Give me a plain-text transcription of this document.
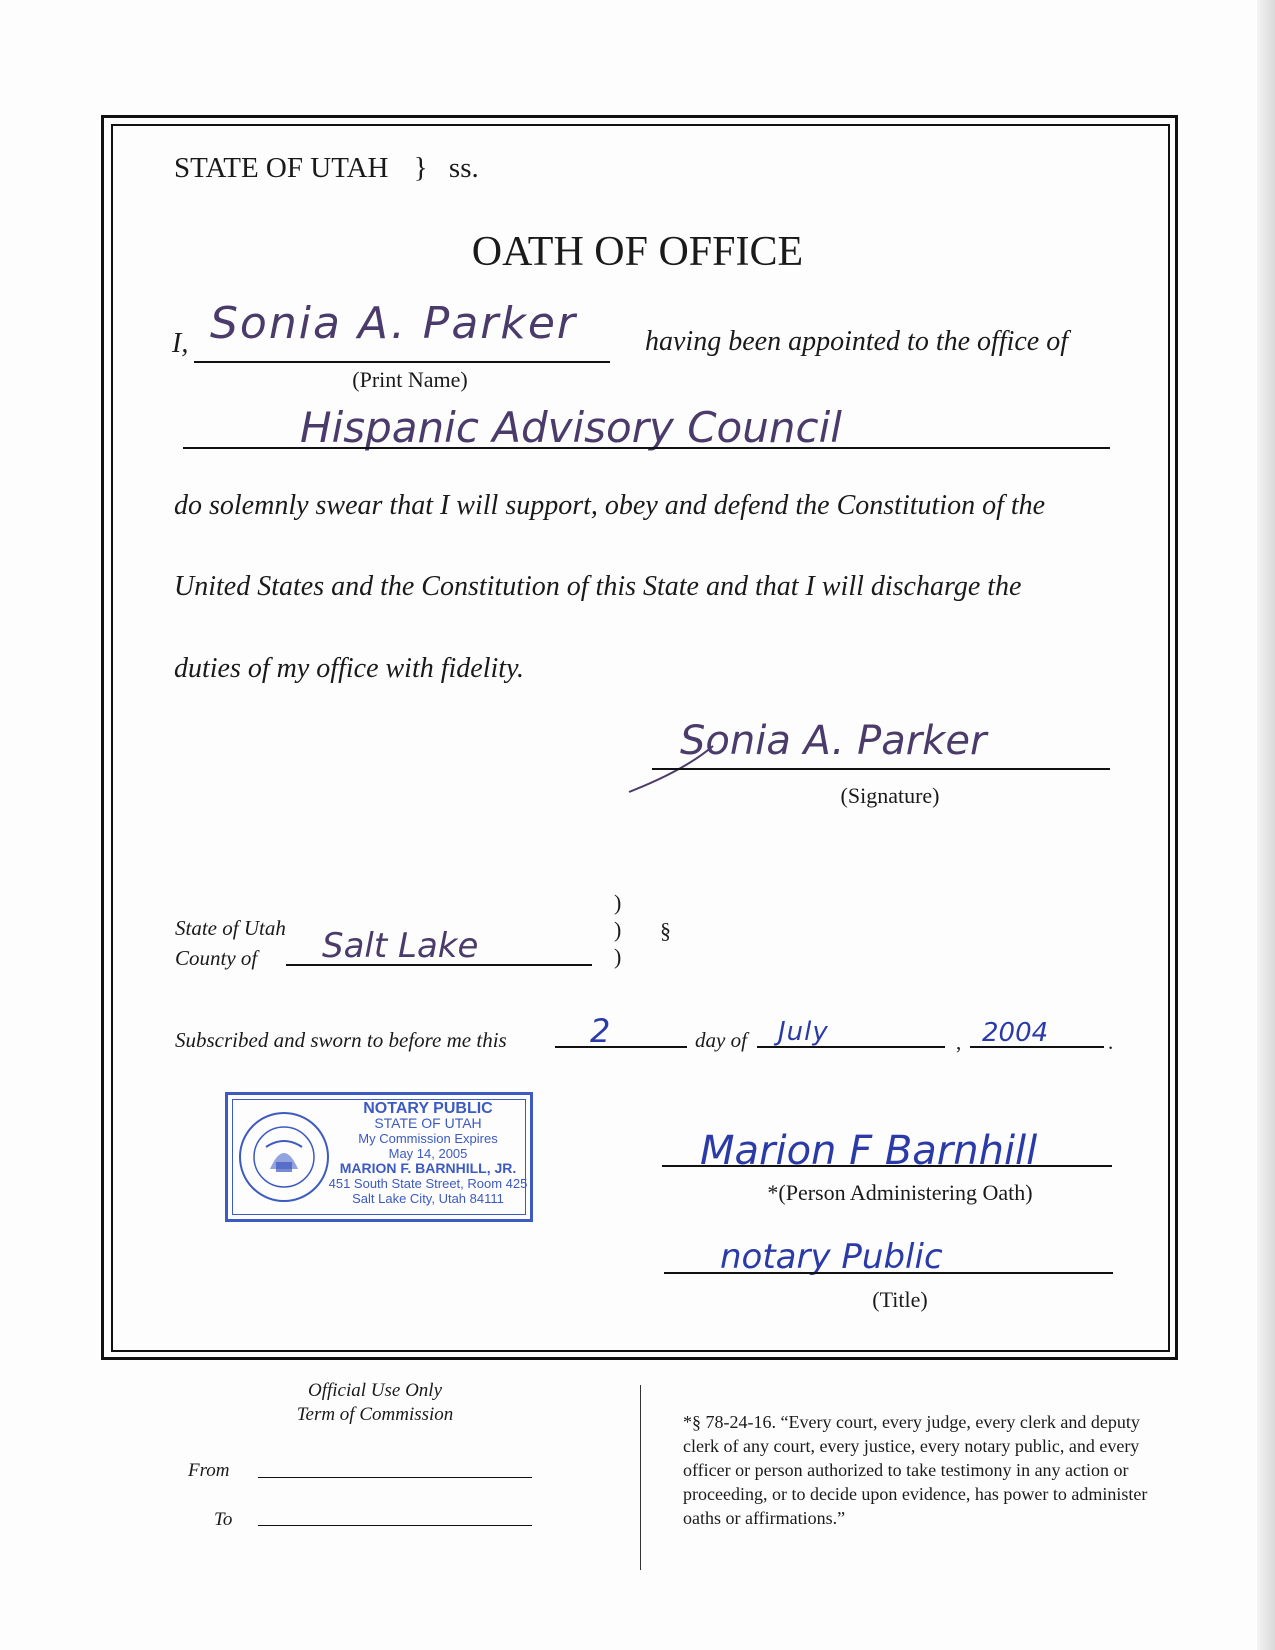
STATE OF UTAH } ss.
OATH OF OFFICE
I, Sonia A. Parker having been appointed to the office of
(Print Name)
Hispanic Advisory Council
do solemnly swear that I will support, obey and defend the Constitution of the
United States and the Constitution of this State and that I will discharge the
duties of my office with fidelity.
Sonia A. Parker
(Signature)
State of Utah
County of Salt Lake
)
)
)
§
Subscribed and sworn to before me this	2	day of July	, 2004	.
NOTARY PUBLIC
STATE OF UTAH
My Commission Expires
May 14, 2005
MARION F. BARNHILL, JR.
451 South State Street, Room 425
Salt Lake City, Utah 84111
Marion F Barnhill
*(Person Administering Oath)
notary Public
(Title)
Official Use Only
Term of Commission
From
To
*§ 78-24-16. “Every court, every judge, every clerk and deputy clerk of any court, every justice, every notary public, and every officer or person authorized to take testimony in any action or proceeding, or to decide upon evidence, has power to administer oaths or affirmations.”
